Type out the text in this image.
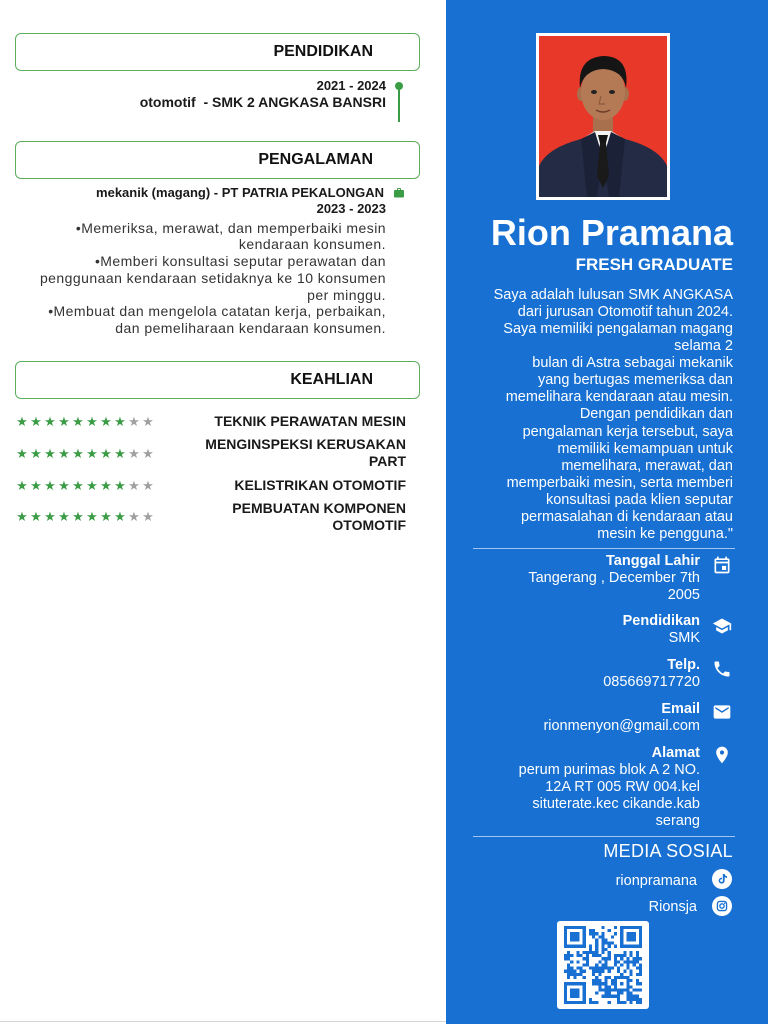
PENDIDIKAN
2021 - 2024
otomotif  - SMK 2 ANGKASA BANSRI
PENGALAMAN
mekanik (magang) - PT PATRIA PEKALONGAN
2023 - 2023
•Memeriksa, merawat, dan memperbaiki mesin
kendaraan konsumen.
•Memberi konsultasi seputar perawatan dan
penggunaan kendaraan setidaknya ke 10 konsumen
per minggu.
•Membuat dan mengelola catatan kerja, perbaikan,
dan pemeliharaan kendaraan konsumen.
KEAHLIAN
★ ★ ★ ★ ★ ★ ★ ★ ★ ★	TEKNIK PERAWATAN MESIN
★ ★ ★ ★ ★ ★ ★ ★ ★ ★
MENGINSPEKSI KERUSAKAN
PART
★ ★ ★ ★ ★ ★ ★ ★ ★ ★	KELISTRIKAN OTOMOTIF
★ ★ ★ ★ ★ ★ ★ ★ ★ ★
PEMBUATAN KOMPONEN
OTOMOTIF
Rion Pramana
FRESH GRADUATE
Saya adalah lulusan SMK ANGKASA
dari jurusan Otomotif tahun 2024.
Saya memiliki pengalaman magang
selama 2
bulan di Astra sebagai mekanik
yang bertugas memeriksa dan
memelihara kendaraan atau mesin.
Dengan pendidikan dan
pengalaman kerja tersebut, saya
memiliki kemampuan untuk
memelihara, merawat, dan
memperbaiki mesin, serta memberi
konsultasi pada klien seputar
permasalahan di kendaraan atau
mesin ke pengguna."
Tanggal Lahir
Tangerang , December 7th
2005
Pendidikan
SMK
Telp.
085669717720
Email
rionmenyon@gmail.com
Alamat
perum purimas blok A 2 NO.
12A RT 005 RW 004.kel
situterate.kec cikande.kab
serang
MEDIA SOSIAL
rionpramana
Rionsja
